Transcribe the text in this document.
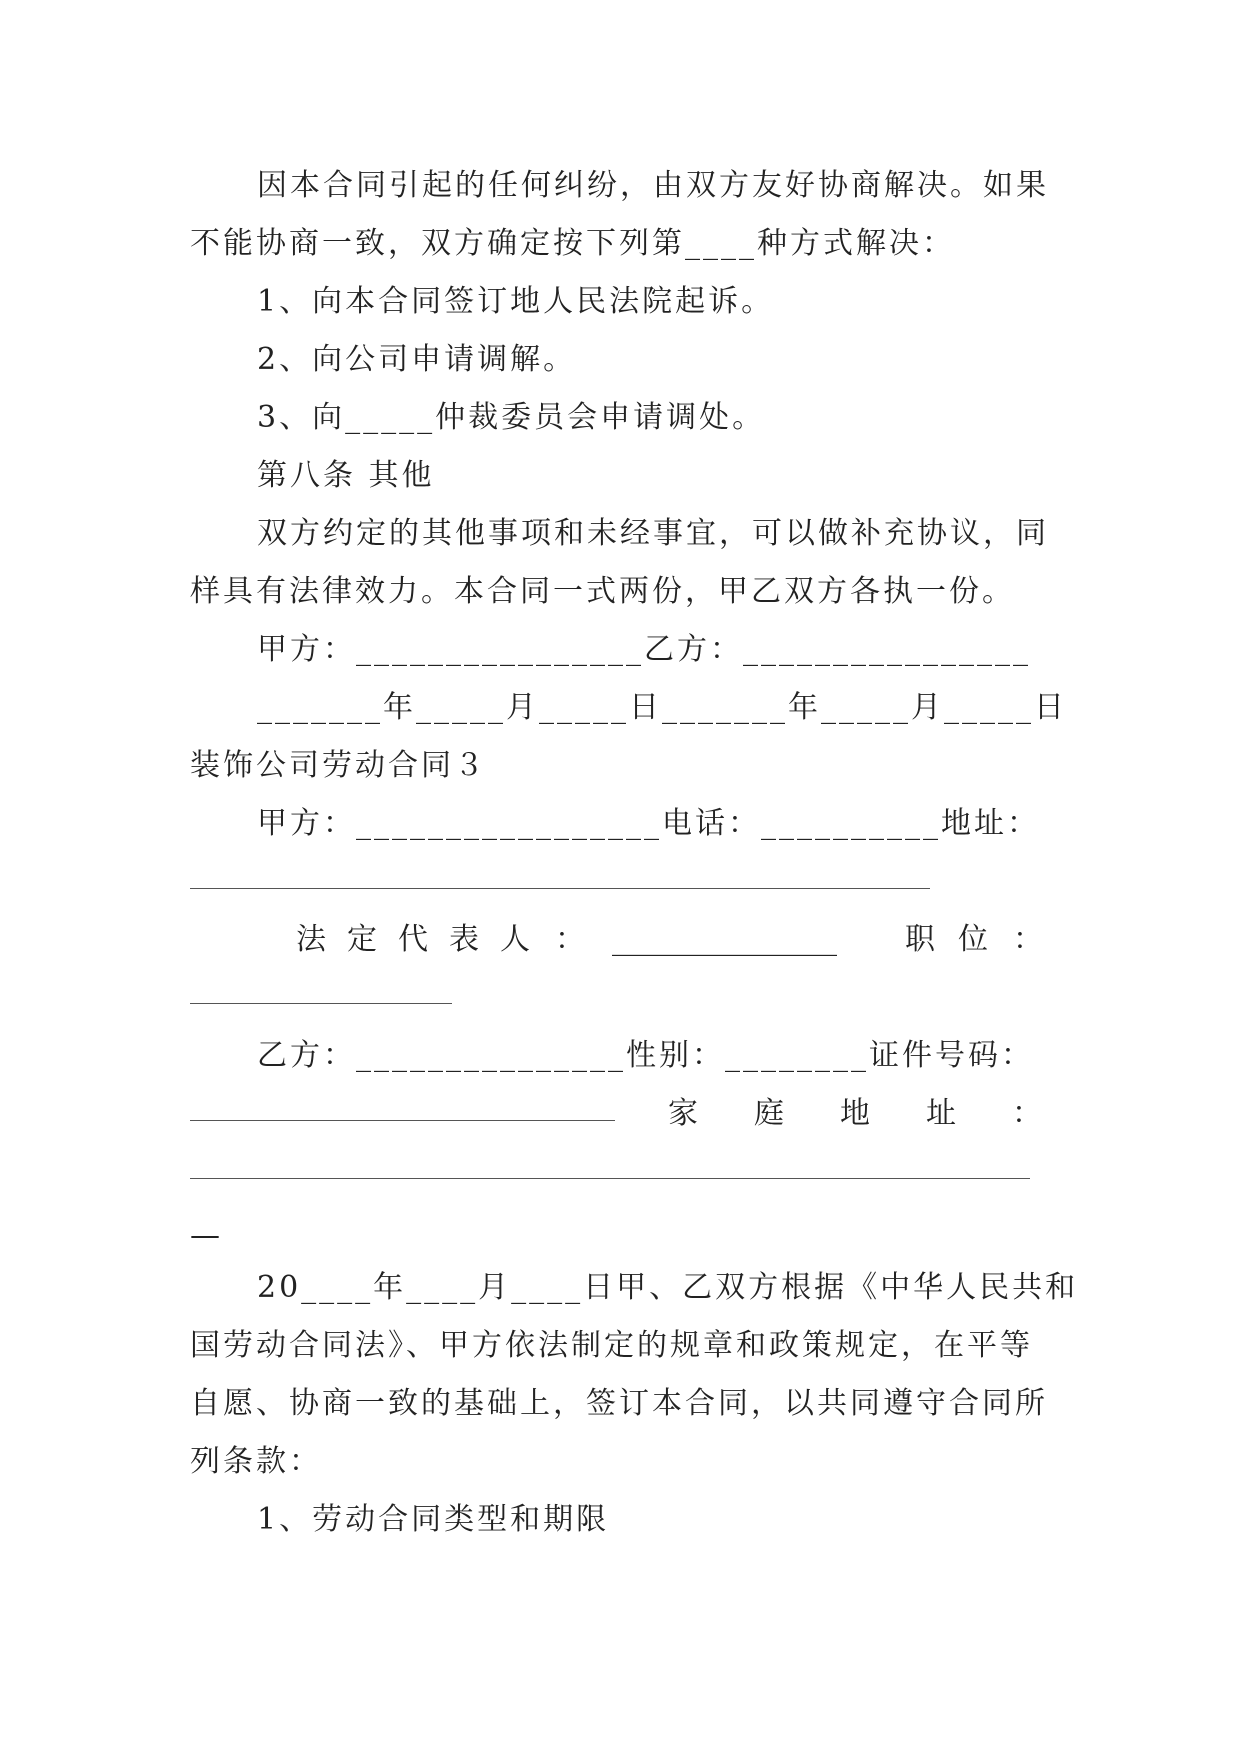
因本合同引起的任何纠纷，由双方友好协商解决。如果
不能协商一致，双方确定按下列第____种方式解决：
1、向本合同签订地人民法院起诉。
2、向公司申请调解。
3、向_____仲裁委员会申请调处。
第八条 其他
双方约定的其他事项和未经事宜，可以做补充协议，同
样具有法律效力。本合同一式两份，甲乙双方各执一份。
甲方：________________乙方：________________
_______年_____月_____日_______年_____月_____日
装饰公司劳动合同３
甲方：_________________电话：__________地址：
法 定 代 表 人 ： _______________ 职 位 ：
乙方：_______________性别：________证件号码：
家 庭 地 址 ：
—
20____年____月____日甲、乙双方根据《中华人民共和
国劳动合同法》、甲方依法制定的规章和政策规定，在平等
自愿、协商一致的基础上，签订本合同，以共同遵守合同所
列条款：
1、劳动合同类型和期限
